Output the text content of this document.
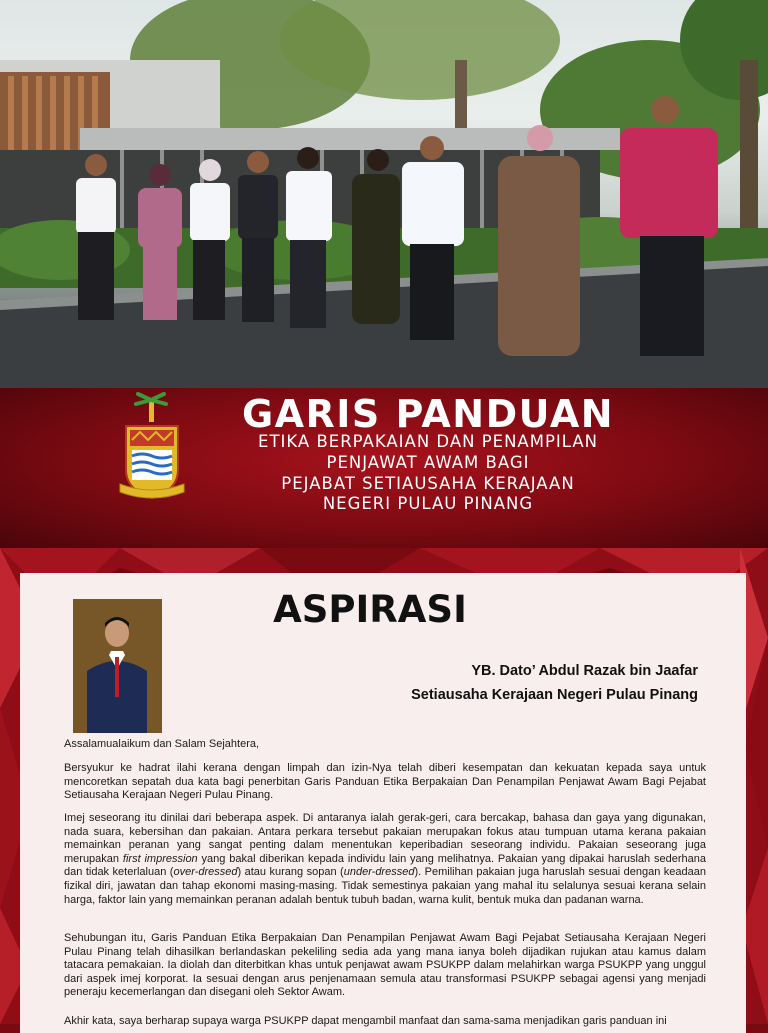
GARIS PANDUAN
ETIKA BERPAKAIAN DAN PENAMPILAN
PENJAWAT AWAM BAGI
PEJABAT SETIAUSAHA KERAJAAN
NEGERI PULAU PINANG
ASPIRASI
YB. Dato’ Abdul Razak bin Jaafar
Setiausaha Kerajaan Negeri Pulau Pinang

Assalamualaikum dan Salam Sejahtera,

Bersyukur ke hadrat ilahi kerana dengan limpah dan izin-Nya telah diberi kesempatan dan kekuatan kepada saya untuk mencoretkan sepatah dua kata bagi penerbitan Garis Panduan Etika Berpakaian Dan Penampilan Penjawat Awam Bagi Pejabat Setiausaha Kerajaan Negeri Pulau Pinang.

Imej seseorang itu dinilai dari beberapa aspek. Di antaranya ialah gerak-geri, cara bercakap, bahasa dan gaya yang digunakan, nada suara, kebersihan dan pakaian. Antara perkara tersebut pakaian merupakan fokus atau tumpuan utama kerana pakaian memainkan peranan yang sangat penting dalam menentukan keperibadian seseorang individu. Pakaian seseorang juga merupakan first impression yang bakal diberikan kepada individu lain yang melihatnya. Pakaian yang dipakai haruslah sederhana dan tidak keterlaluan (over-dressed) atau kurang sopan (under-dressed). Pemilihan pakaian juga haruslah sesuai dengan keadaan fizikal diri, jawatan dan tahap ekonomi masing-masing. Tidak semestinya pakaian yang mahal itu selalunya sesuai kerana selain harga, faktor lain yang memainkan peranan adalah bentuk tubuh badan, warna kulit, bentuk muka dan padanan warna.

Sehubungan itu, Garis Panduan Etika Berpakaian Dan Penampilan Penjawat Awam Bagi Pejabat Setiausaha Kerajaan Negeri Pulau Pinang telah dihasilkan berlandaskan pekeliling sedia ada yang mana ianya boleh dijadikan rujukan atau kamus dalam tatacara pemakaian. Ia diolah dan diterbitkan khas untuk penjawat awam PSUKPP dalam melahirkan warga PSUKPP yang unggul dari aspek imej korporat. Ia sesuai dengan arus penjenamaan semula atau transformasi PSUKPP sebagai agensi yang menjadi peneraju kecemerlangan dan disegani oleh Sektor Awam.

Akhir kata, saya berharap supaya warga PSUKPP dapat mengambil manfaat dan sama-sama menjadikan garis panduan ini
